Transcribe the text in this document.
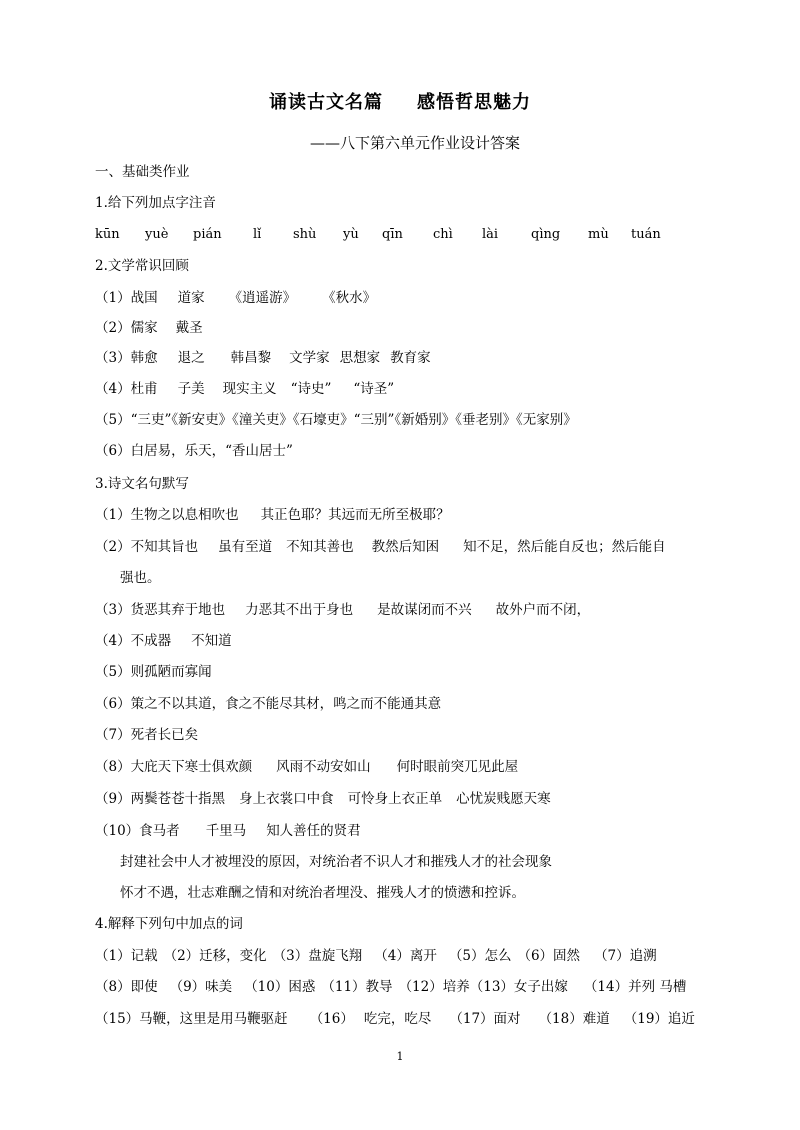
诵读古文名篇 感悟哲思魅力
——八下第六单元作业设计答案
一、基础类作业
1.给下列加点字注音
kūn yuè pián lǐ shù yù qīn chì lài	qìng mù tuán
2.文学常识回顾
（1）战国 道家 《逍遥游》 《秋水》
（2）儒家 戴圣
（3）韩愈 退之 韩昌黎 文学家 思想家 教育家
（4）杜甫 子美 现实主义 “诗史” “诗圣”
（5）“三吏”《新安吏》《潼关吏》《石壕吏》“三别”《新婚别》《垂老别》《无家别》
（6）白居易，乐天，“香山居士”
3.诗文名句默写
（1）生物之以息相吹也 其正色耶？其远而无所至极耶？
（2）不知其旨也 虽有至道 不知其善也 教然后知困 知不足，然后能自反也；然后能自
强也。
（3）货恶其弃于地也 力恶其不出于身也 是故谋闭而不兴 故外户而不闭，
（4）不成器 不知道
（5）则孤陋而寡闻
（6）策之不以其道，食之不能尽其材，鸣之而不能通其意
（7）死者长已矣
（8）大庇天下寒士俱欢颜 风雨不动安如山 何时眼前突兀见此屋
（9）两鬓苍苍十指黑 身上衣裳口中食 可怜身上衣正单 心忧炭贱愿天寒
（10）食马者 千里马 知人善任的贤君
封建社会中人才被埋没的原因，对统治者不识人才和摧残人才的社会现象
怀才不遇，壮志难酬之情和对统治者埋没、摧残人才的愤懑和控诉。
4.解释下列句中加点的词
（1）记载 （2）迁移，变化 （3）盘旋飞翔 （4）离开 （5）怎么 （6）固然 （7）追溯
（8）即使 （9）味美 （10）困惑 （11）教导 （12）培养（13）女子出嫁 （14）并列 马槽
（15）马鞭，这里是用马鞭驱赶 （16） 吃完，吃尽 （17）面对 （18）难道 （19）追近
1
